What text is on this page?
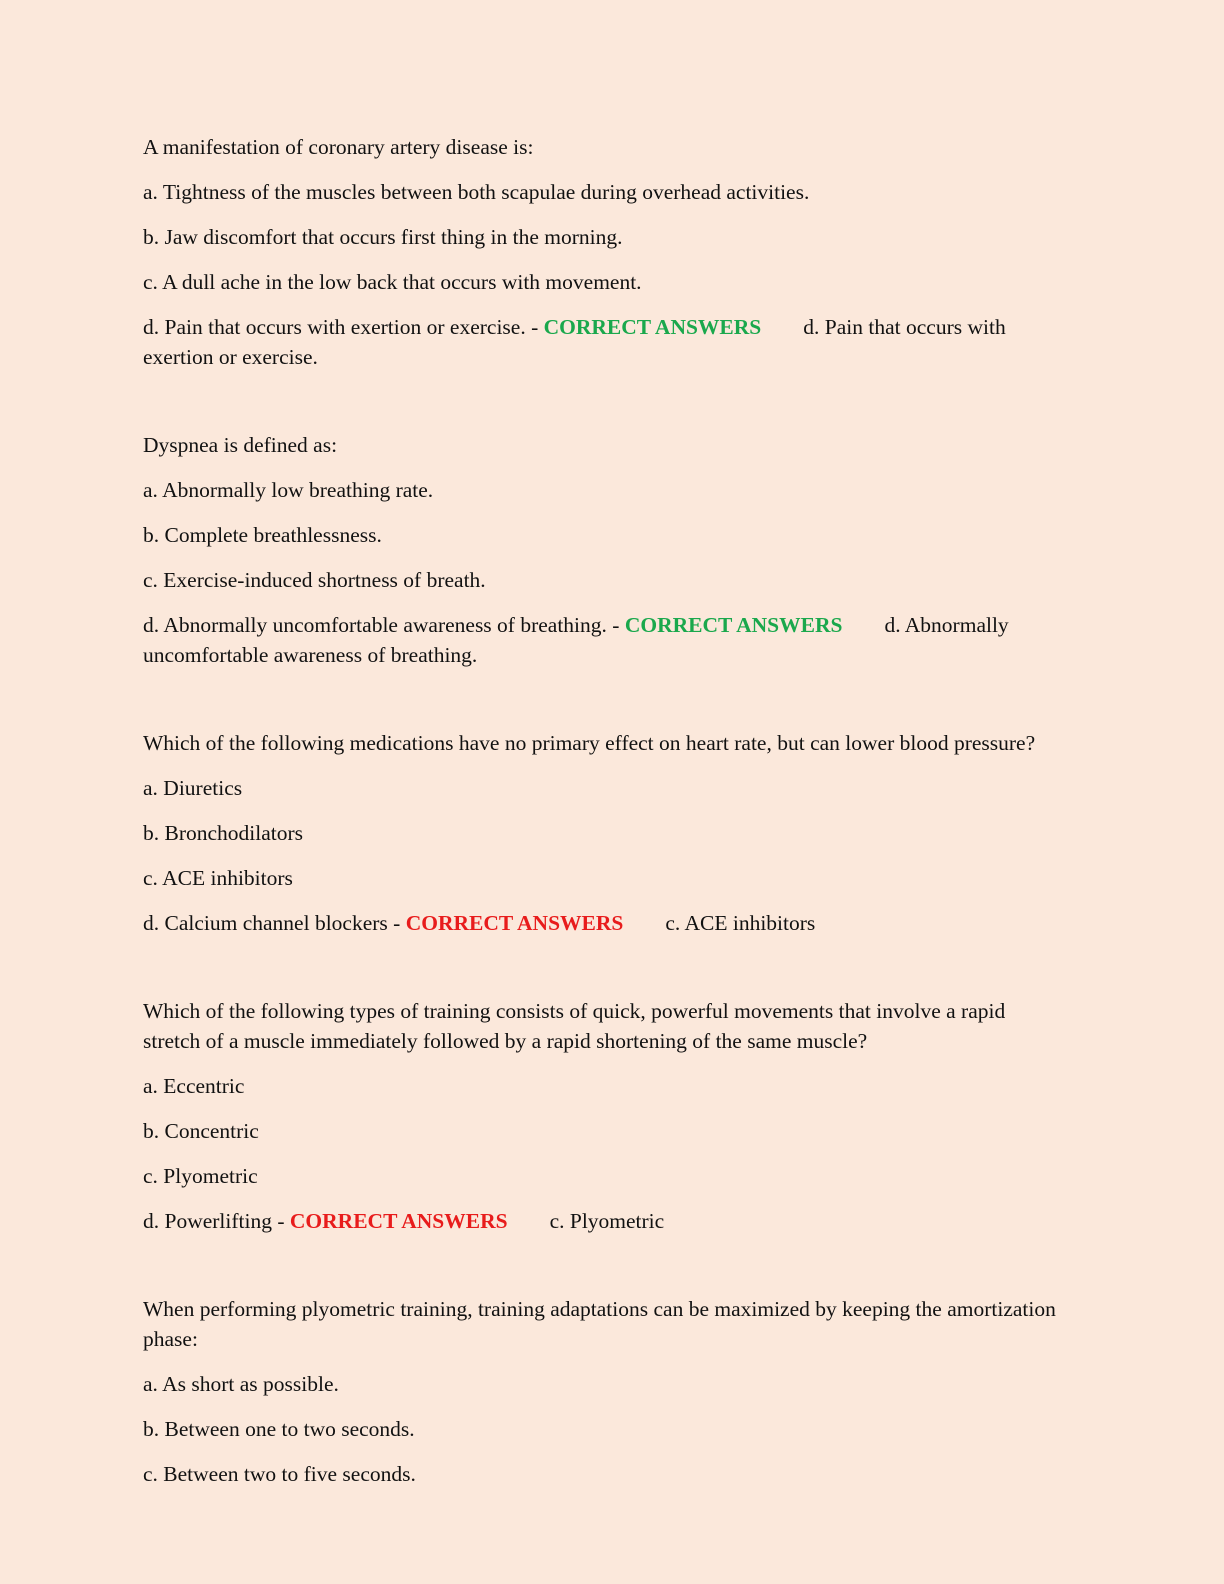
A manifestation of coronary artery disease is:

a. Tightness of the muscles between both scapulae during overhead activities.

b. Jaw discomfort that occurs first thing in the morning.

c. A dull ache in the low back that occurs with movement.

d. Pain that occurs with exertion or exercise. - CORRECT ANSWERS d. Pain that occurs with exertion or exercise.

Dyspnea is defined as:

a. Abnormally low breathing rate.

b. Complete breathlessness.

c. Exercise-induced shortness of breath.

d. Abnormally uncomfortable awareness of breathing. - CORRECT ANSWERS d. Abnormally uncomfortable awareness of breathing.

Which of the following medications have no primary effect on heart rate, but can lower blood pressure?

a. Diuretics

b. Bronchodilators

c. ACE inhibitors

d. Calcium channel blockers - CORRECT ANSWERS c. ACE inhibitors

Which of the following types of training consists of quick, powerful movements that involve a rapid stretch of a muscle immediately followed by a rapid shortening of the same muscle?

a. Eccentric

b. Concentric

c. Plyometric

d. Powerlifting - CORRECT ANSWERS c. Plyometric

When performing plyometric training, training adaptations can be maximized by keeping the amortization phase:

a. As short as possible.

b. Between one to two seconds.

c. Between two to five seconds.
